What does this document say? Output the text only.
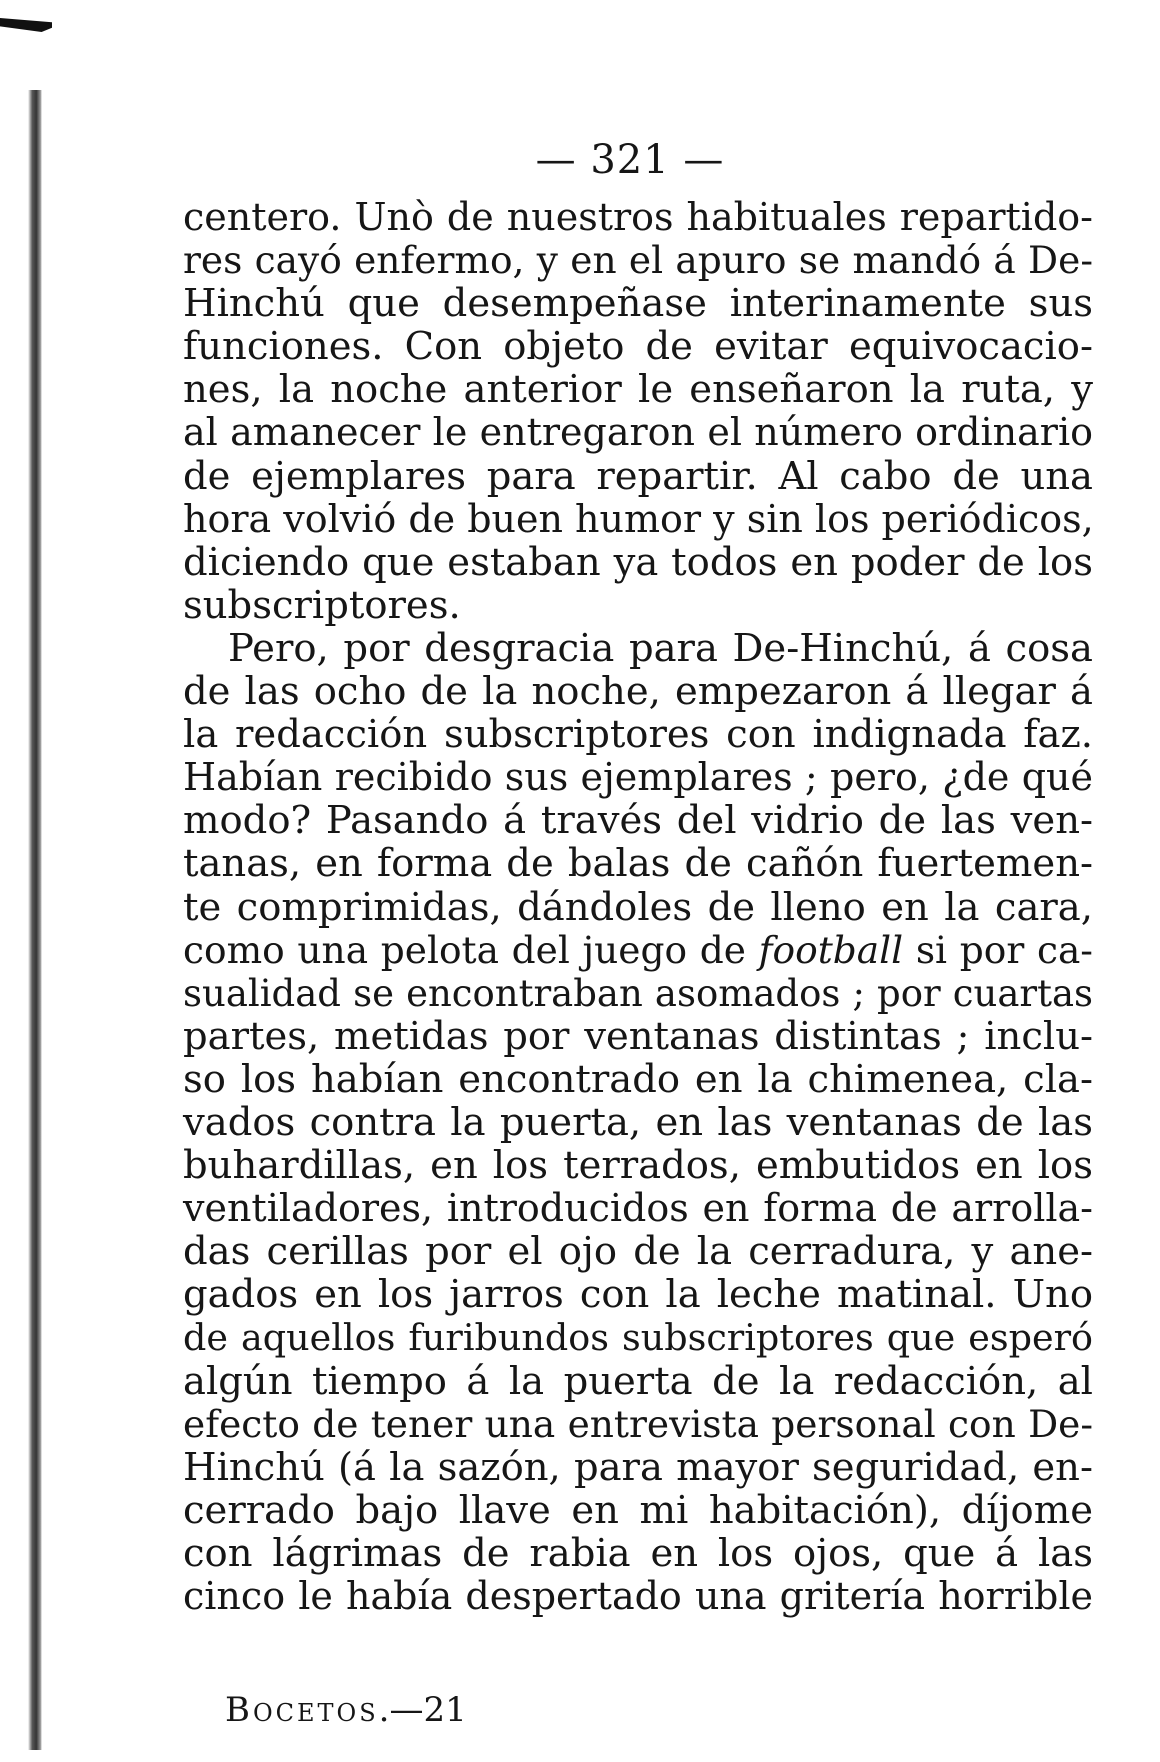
— 321 —
centero. Unò de nuestros habituales repartido-
res cayó enfermo, y en el apuro se mandó á De-
Hinchú que desempeñase interinamente sus
funciones. Con objeto de evitar equivocacio-
nes, la noche anterior le enseñaron la ruta, y
al amanecer le entregaron el número ordinario
de ejemplares para repartir. Al cabo de una
hora volvió de buen humor y sin los periódicos,
diciendo que estaban ya todos en poder de los
subscriptores.
Pero, por desgracia para De-Hinchú, á cosa
de las ocho de la noche, empezaron á llegar á
la redacción subscriptores con indignada faz.
Habían recibido sus ejemplares ; pero, ¿de qué
modo? Pasando á través del vidrio de las ven-
tanas, en forma de balas de cañón fuertemen-
te comprimidas, dándoles de lleno en la cara,
como una pelota del juego de football si por ca-
sualidad se encontraban asomados ; por cuartas
partes, metidas por ventanas distintas ; inclu-
so los habían encontrado en la chimenea, cla-
vados contra la puerta, en las ventanas de las
buhardillas, en los terrados, embutidos en los
ventiladores, introducidos en forma de arrolla-
das cerillas por el ojo de la cerradura, y ane-
gados en los jarros con la leche matinal. Uno
de aquellos furibundos subscriptores que esperó
algún tiempo á la puerta de la redacción, al
efecto de tener una entrevista personal con De-
Hinchú (á la sazón, para mayor seguridad, en-
cerrado bajo llave en mi habitación), díjome
con lágrimas de rabia en los ojos, que á las
cinco le había despertado una gritería horrible
Bocetos.—21
